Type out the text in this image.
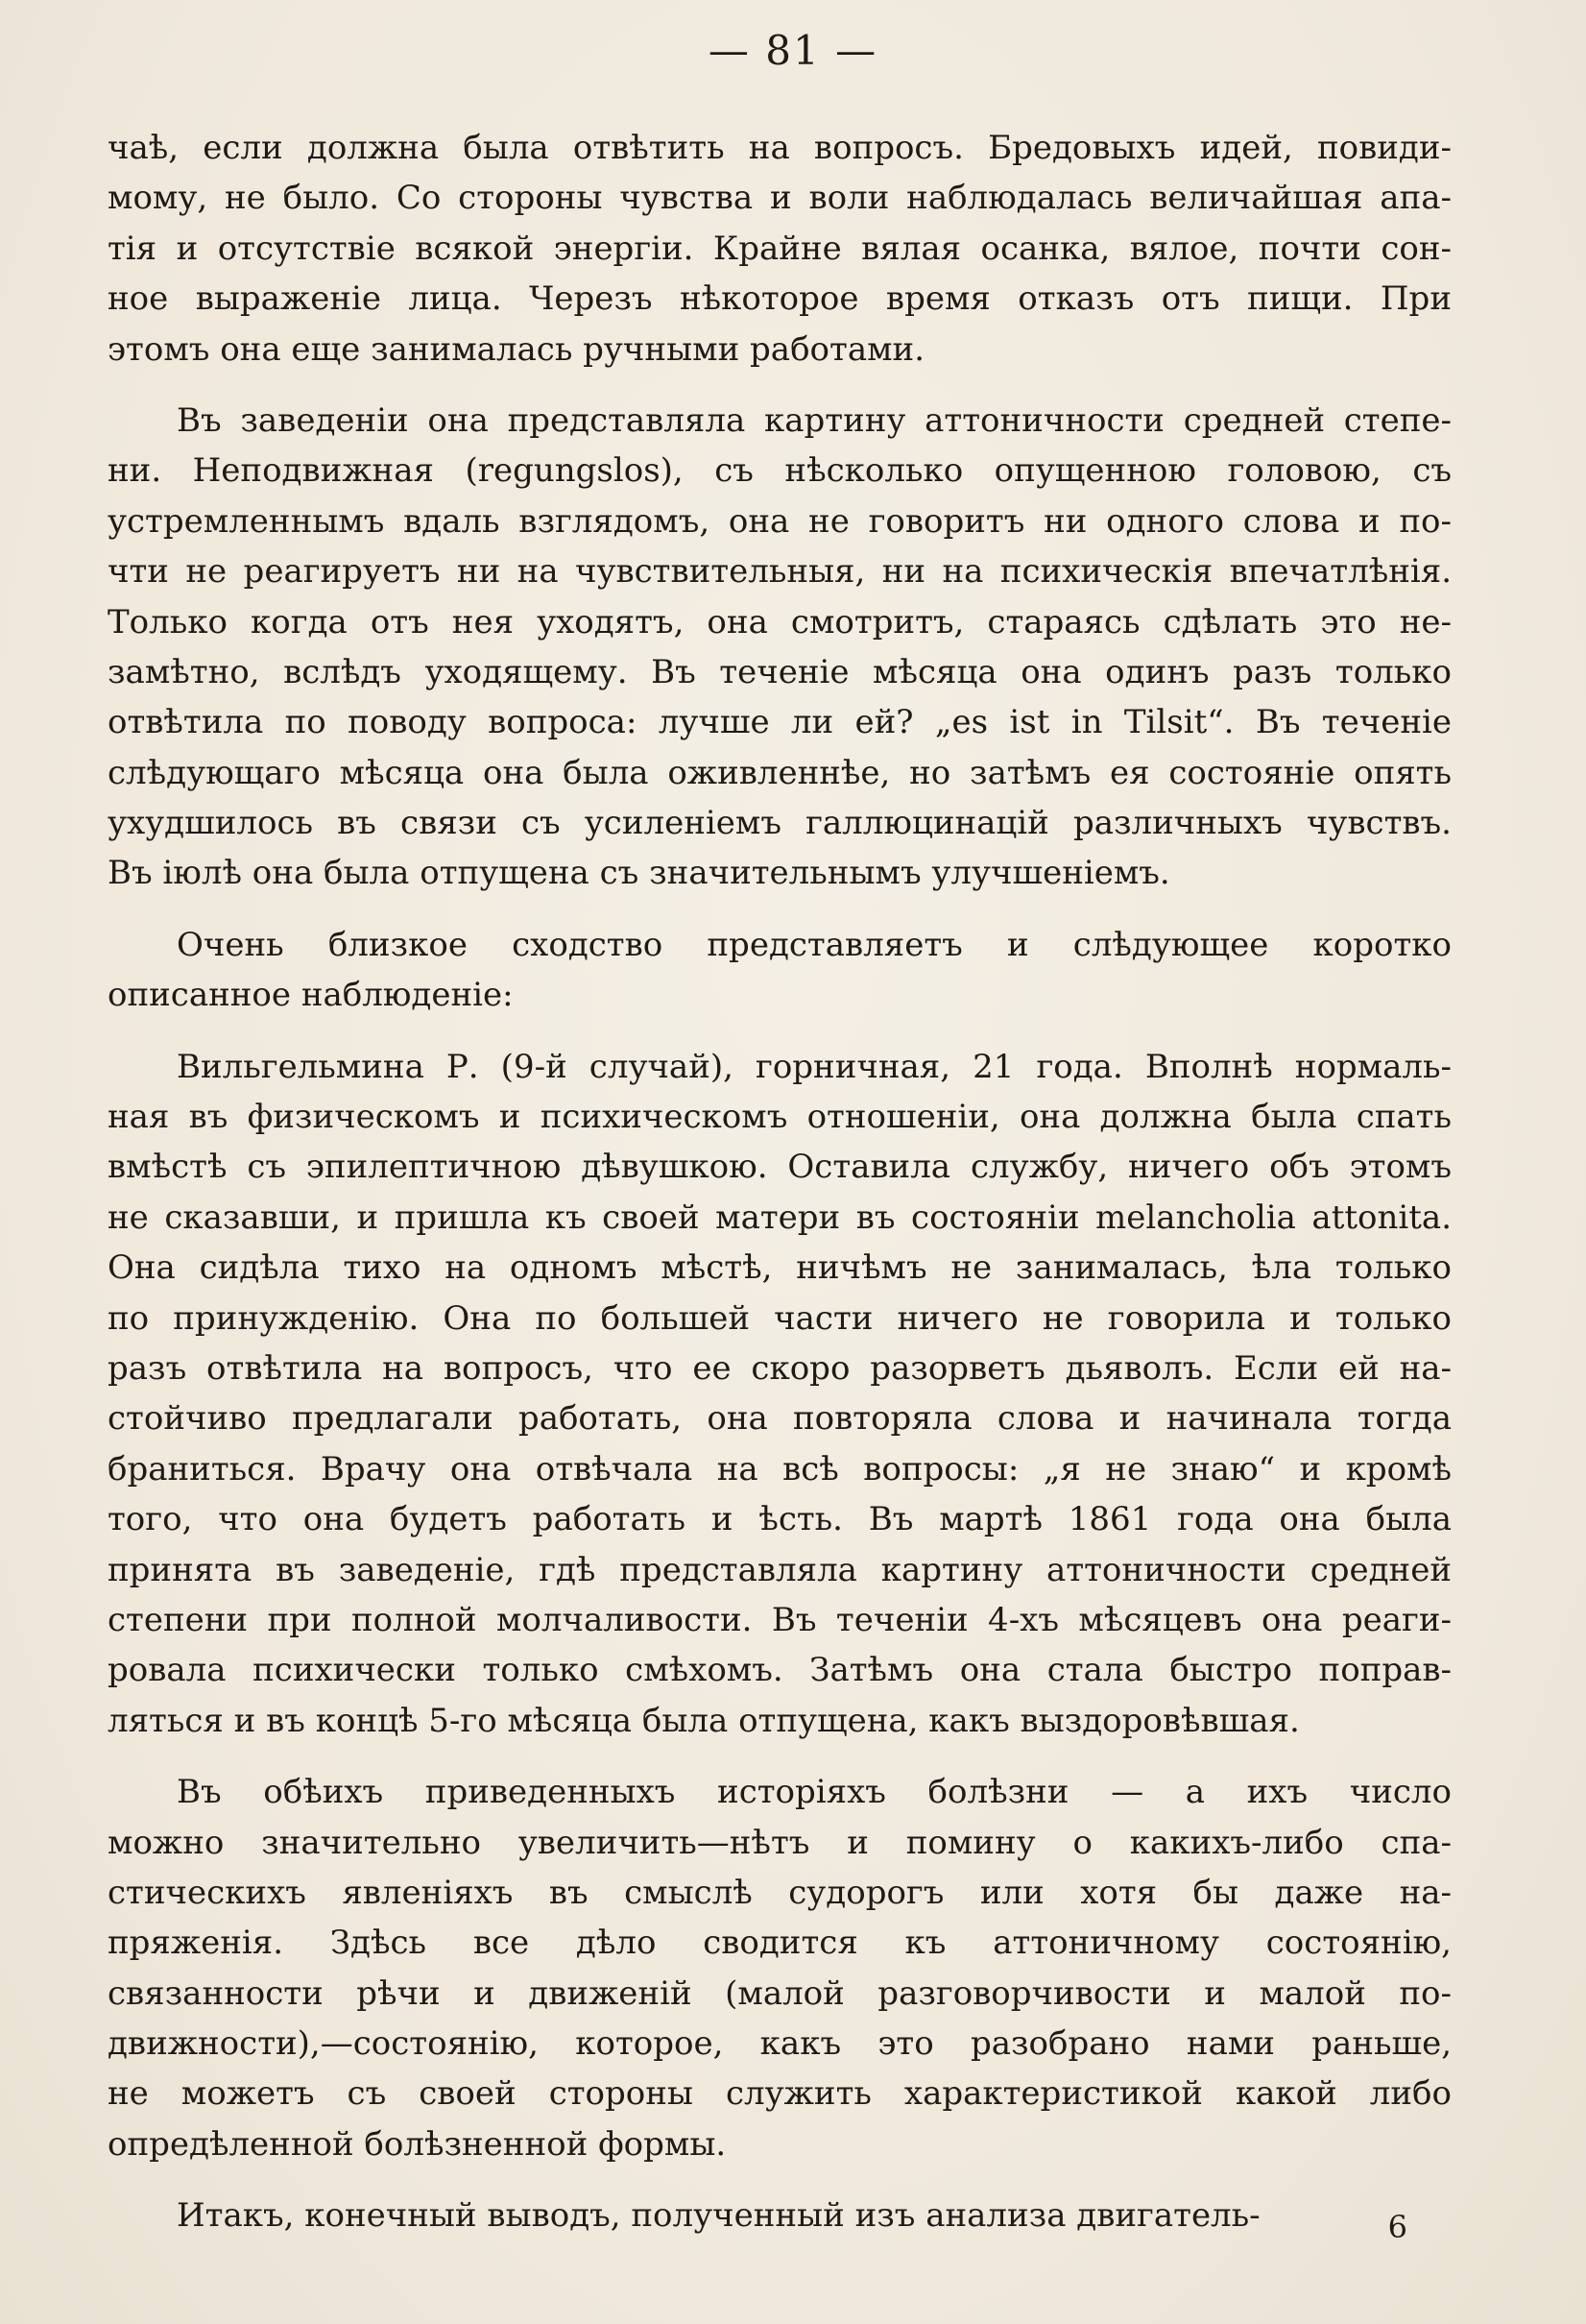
— 81 —
чаѣ, если должна была отвѣтить на вопросъ. Бредовыхъ идей, повиди-
мому, не было. Со стороны чувства и воли наблюдалась величайшая апа-
тія и отсутствіе всякой энергіи. Крайне вялая осанка, вялое, почти сон-
ное выраженіе лица. Черезъ нѣкоторое время отказъ отъ пищи. При
этомъ она еще занималась ручными работами.
Въ заведеніи она представляла картину аттоничности средней степе-
ни. Неподвижная (regungslos), съ нѣсколько опущенною головою, съ
устремленнымъ вдаль взглядомъ, она не говоритъ ни одного слова и по-
чти не реагируетъ ни на чувствительныя, ни на психическія впечатлѣнія.
Только когда отъ нея уходятъ, она смотритъ, стараясь сдѣлать это не-
замѣтно, вслѣдъ уходящему. Въ теченіе мѣсяца она одинъ разъ только
отвѣтила по поводу вопроса: лучше ли ей? „es ist in Tilsit“. Въ теченіе
слѣдующаго мѣсяца она была оживленнѣе, но затѣмъ ея состояніе опять
ухудшилось въ связи съ усиленіемъ галлюцинацій различныхъ чувствъ.
Въ іюлѣ она была отпущена съ значительнымъ улучшеніемъ.
Очень близкое сходство представляетъ и слѣдующее коротко
описанное наблюденіе:
Вильгельмина Р. (9-й случай), горничная, 21 года. Вполнѣ нормаль-
ная въ физическомъ и психическомъ отношеніи, она должна была спать
вмѣстѣ съ эпилептичною дѣвушкою. Оставила службу, ничего объ этомъ
не сказавши, и пришла къ своей матери въ состояніи melancholia attonita.
Она сидѣла тихо на одномъ мѣстѣ, ничѣмъ не занималась, ѣла только
по принужденію. Она по большей части ничего не говорила и только
разъ отвѣтила на вопросъ, что ее скоро разорветъ дьяволъ. Если ей на-
стойчиво предлагали работать, она повторяла слова и начинала тогда
браниться. Врачу она отвѣчала на всѣ вопросы: „я не знаю“ и кромѣ
того, что она будетъ работать и ѣсть. Въ мартѣ 1861 года она была
принята въ заведеніе, гдѣ представляла картину аттоничности средней
степени при полной молчаливости. Въ теченіи 4-хъ мѣсяцевъ она реаги-
ровала психически только смѣхомъ. Затѣмъ она стала быстро поправ-
ляться и въ концѣ 5-го мѣсяца была отпущена, какъ выздоровѣвшая.
Въ обѣихъ приведенныхъ исторіяхъ болѣзни — а ихъ число
можно значительно увеличить—нѣтъ и помину о какихъ-либо спа-
стическихъ явленіяхъ въ смыслѣ судорогъ или хотя бы даже на-
пряженія. Здѣсь все дѣло сводится къ аттоничному состоянію,
связанности рѣчи и движеній (малой разговорчивости и малой по-
движности),—состоянію, которое, какъ это разобрано нами раньше,
не можетъ съ своей стороны служить характеристикой какой либо
опредѣленной болѣзненной формы.
Итакъ, конечный выводъ, полученный изъ анализа двигатель-	6
